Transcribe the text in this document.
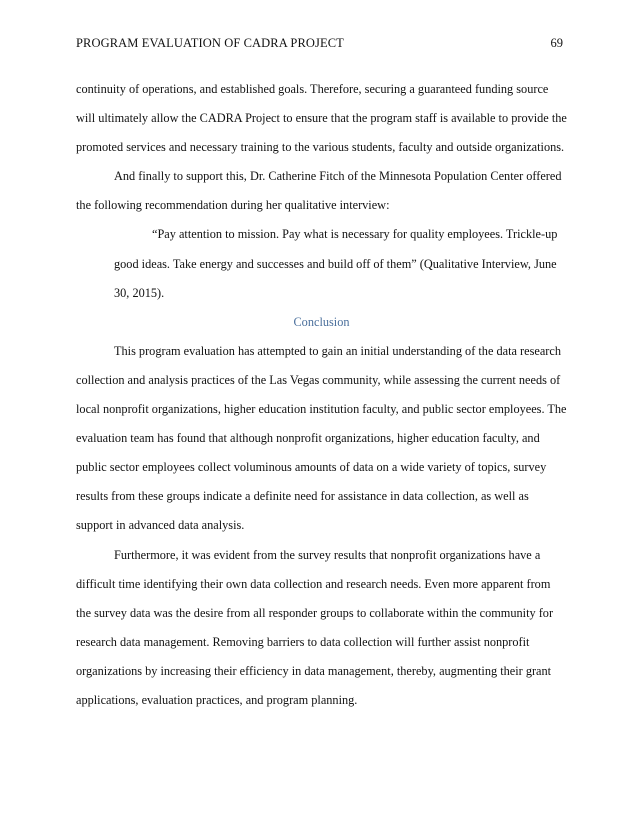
PROGRAM EVALUATION OF CADRA PROJECT	69

continuity of operations, and established goals. Therefore, securing a guaranteed funding source will ultimately allow the CADRA Project to ensure that the program staff is available to provide the promoted services and necessary training to the various students, faculty and outside organizations.

And finally to support this, Dr. Catherine Fitch of the Minnesota Population Center offered the following recommendation during her qualitative interview:

“Pay attention to mission. Pay what is necessary for quality employees. Trickle-up good ideas. Take energy and successes and build off of them” (Qualitative Interview, June 30, 2015).

Conclusion

This program evaluation has attempted to gain an initial understanding of the data research collection and analysis practices of the Las Vegas community, while assessing the current needs of local nonprofit organizations, higher education institution faculty, and public sector employees. The evaluation team has found that although nonprofit organizations, higher education faculty, and public sector employees collect voluminous amounts of data on a wide variety of topics, survey results from these groups indicate a definite need for assistance in data collection, as well as support in advanced data analysis.

Furthermore, it was evident from the survey results that nonprofit organizations have a difficult time identifying their own data collection and research needs. Even more apparent from the survey data was the desire from all responder groups to collaborate within the community for research data management. Removing barriers to data collection will further assist nonprofit organizations by increasing their efficiency in data management, thereby, augmenting their grant applications, evaluation practices, and program planning.
